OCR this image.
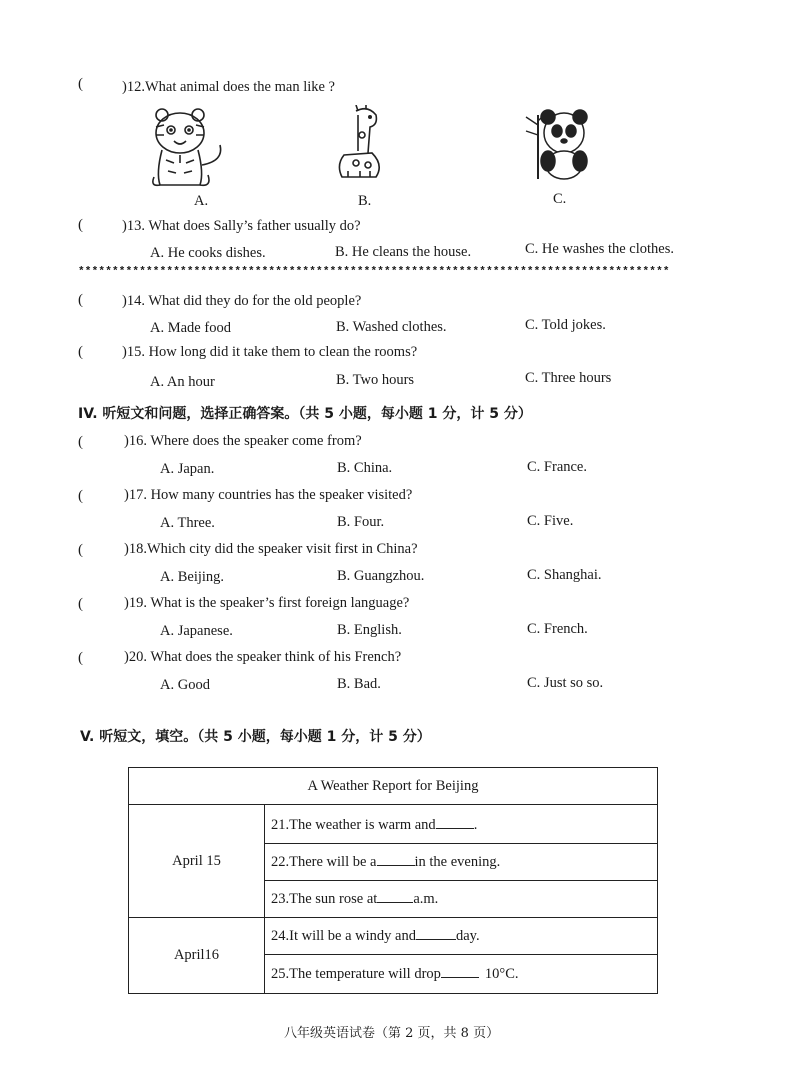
(	)12.What animal does the man like ?
A.	B.	C.
(	)13. What does Sally’s father usually do?
A. He cooks dishes.	B. He cleans the house.	C. He washes the clothes.
***************************************************************************************
(	)14. What did they do for the old people?
A. Made food	B. Washed clothes.	C. Told jokes.
(	)15. How long did it take them to clean the rooms?
A. An hour	B. Two hours	C. Three hours
IV. 听短文和问题，选择正确答案。（共 5 小题，每小题 1 分，计 5 分）
(	)16. Where does the speaker come from?
A. Japan.	B. China.	C. France.
(	)17. How many countries has the speaker visited?
A. Three.	B. Four.	C. Five.
(	)18.Which city did the speaker visit first in China?
A. Beijing.	B. Guangzhou.	C. Shanghai.
(	)19. What is the speaker’s first foreign language?
A. Japanese.	B. English.	C. French.
(	)20. What does the speaker think of his French?
A. Good	B. Bad.	C. Just so so.
V. 听短文，填空。（共 5 小题，每小题 1 分，计 5 分）
A Weather Report for Beijing	
April 15	21.The weather is warm and .
	22.There will be a in the evening.
	23.The sun rose at a.m.
April16	24.It will be a windy and day.
	25.The temperature will drop 10°C.
八年级英语试卷（第 2 页，共 8 页）
